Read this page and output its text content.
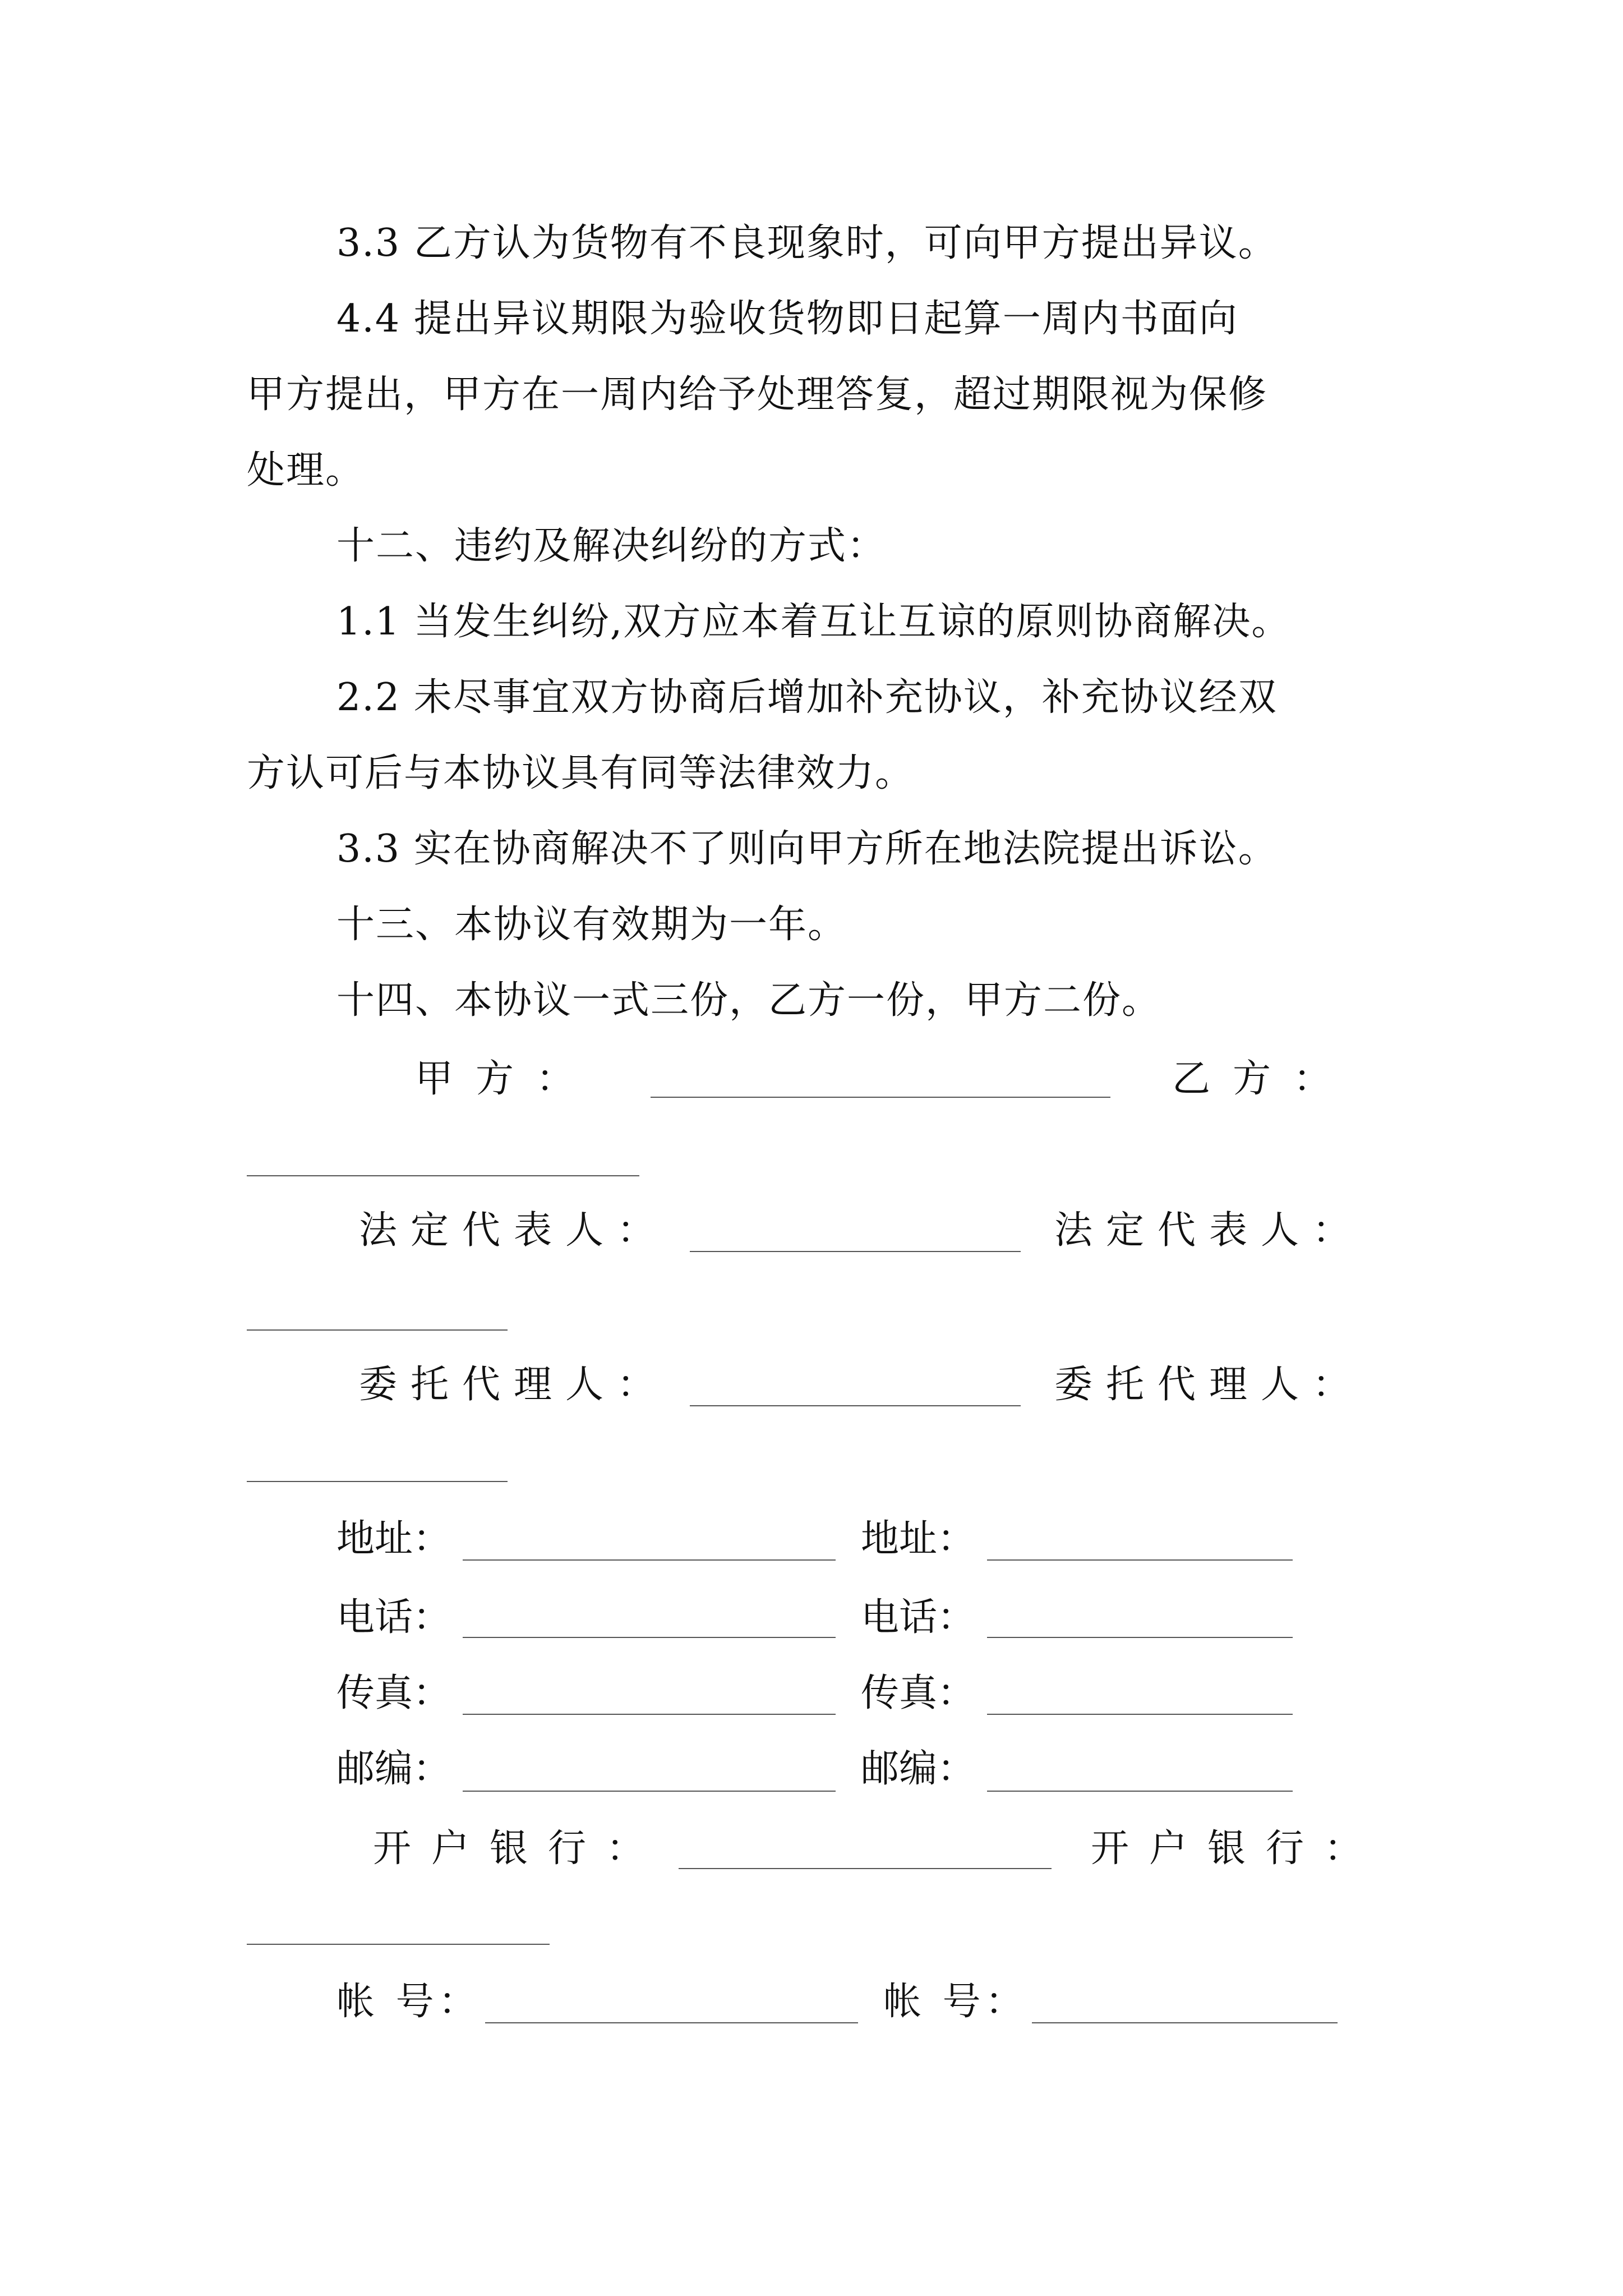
3.3 乙方认为货物有不良现象时，可向甲方提出异议。
4.4 提出异议期限为验收货物即日起算一周内书面向
甲方提出，甲方在一周内给予处理答复，超过期限视为保修
处理。
十二、违约及解决纠纷的方式：
1.1 当发生纠纷,双方应本着互让互谅的原则协商解决。
2.2 未尽事宜双方协商后增加补充协议，补充协议经双
方认可后与本协议具有同等法律效力。
3.3 实在协商解决不了则向甲方所在地法院提出诉讼。
十三、本协议有效期为一年。
十四、本协议一式三份，乙方一份，甲方二份。
甲方：	乙方：
法定代表人：	法定代表人：
委托代理人：	委托代理人：
地址：	地址：
电话：	电话：
传真：	传真：
邮编：	邮编：
开户银行：	开户银行：
帐 号：	帐 号：
